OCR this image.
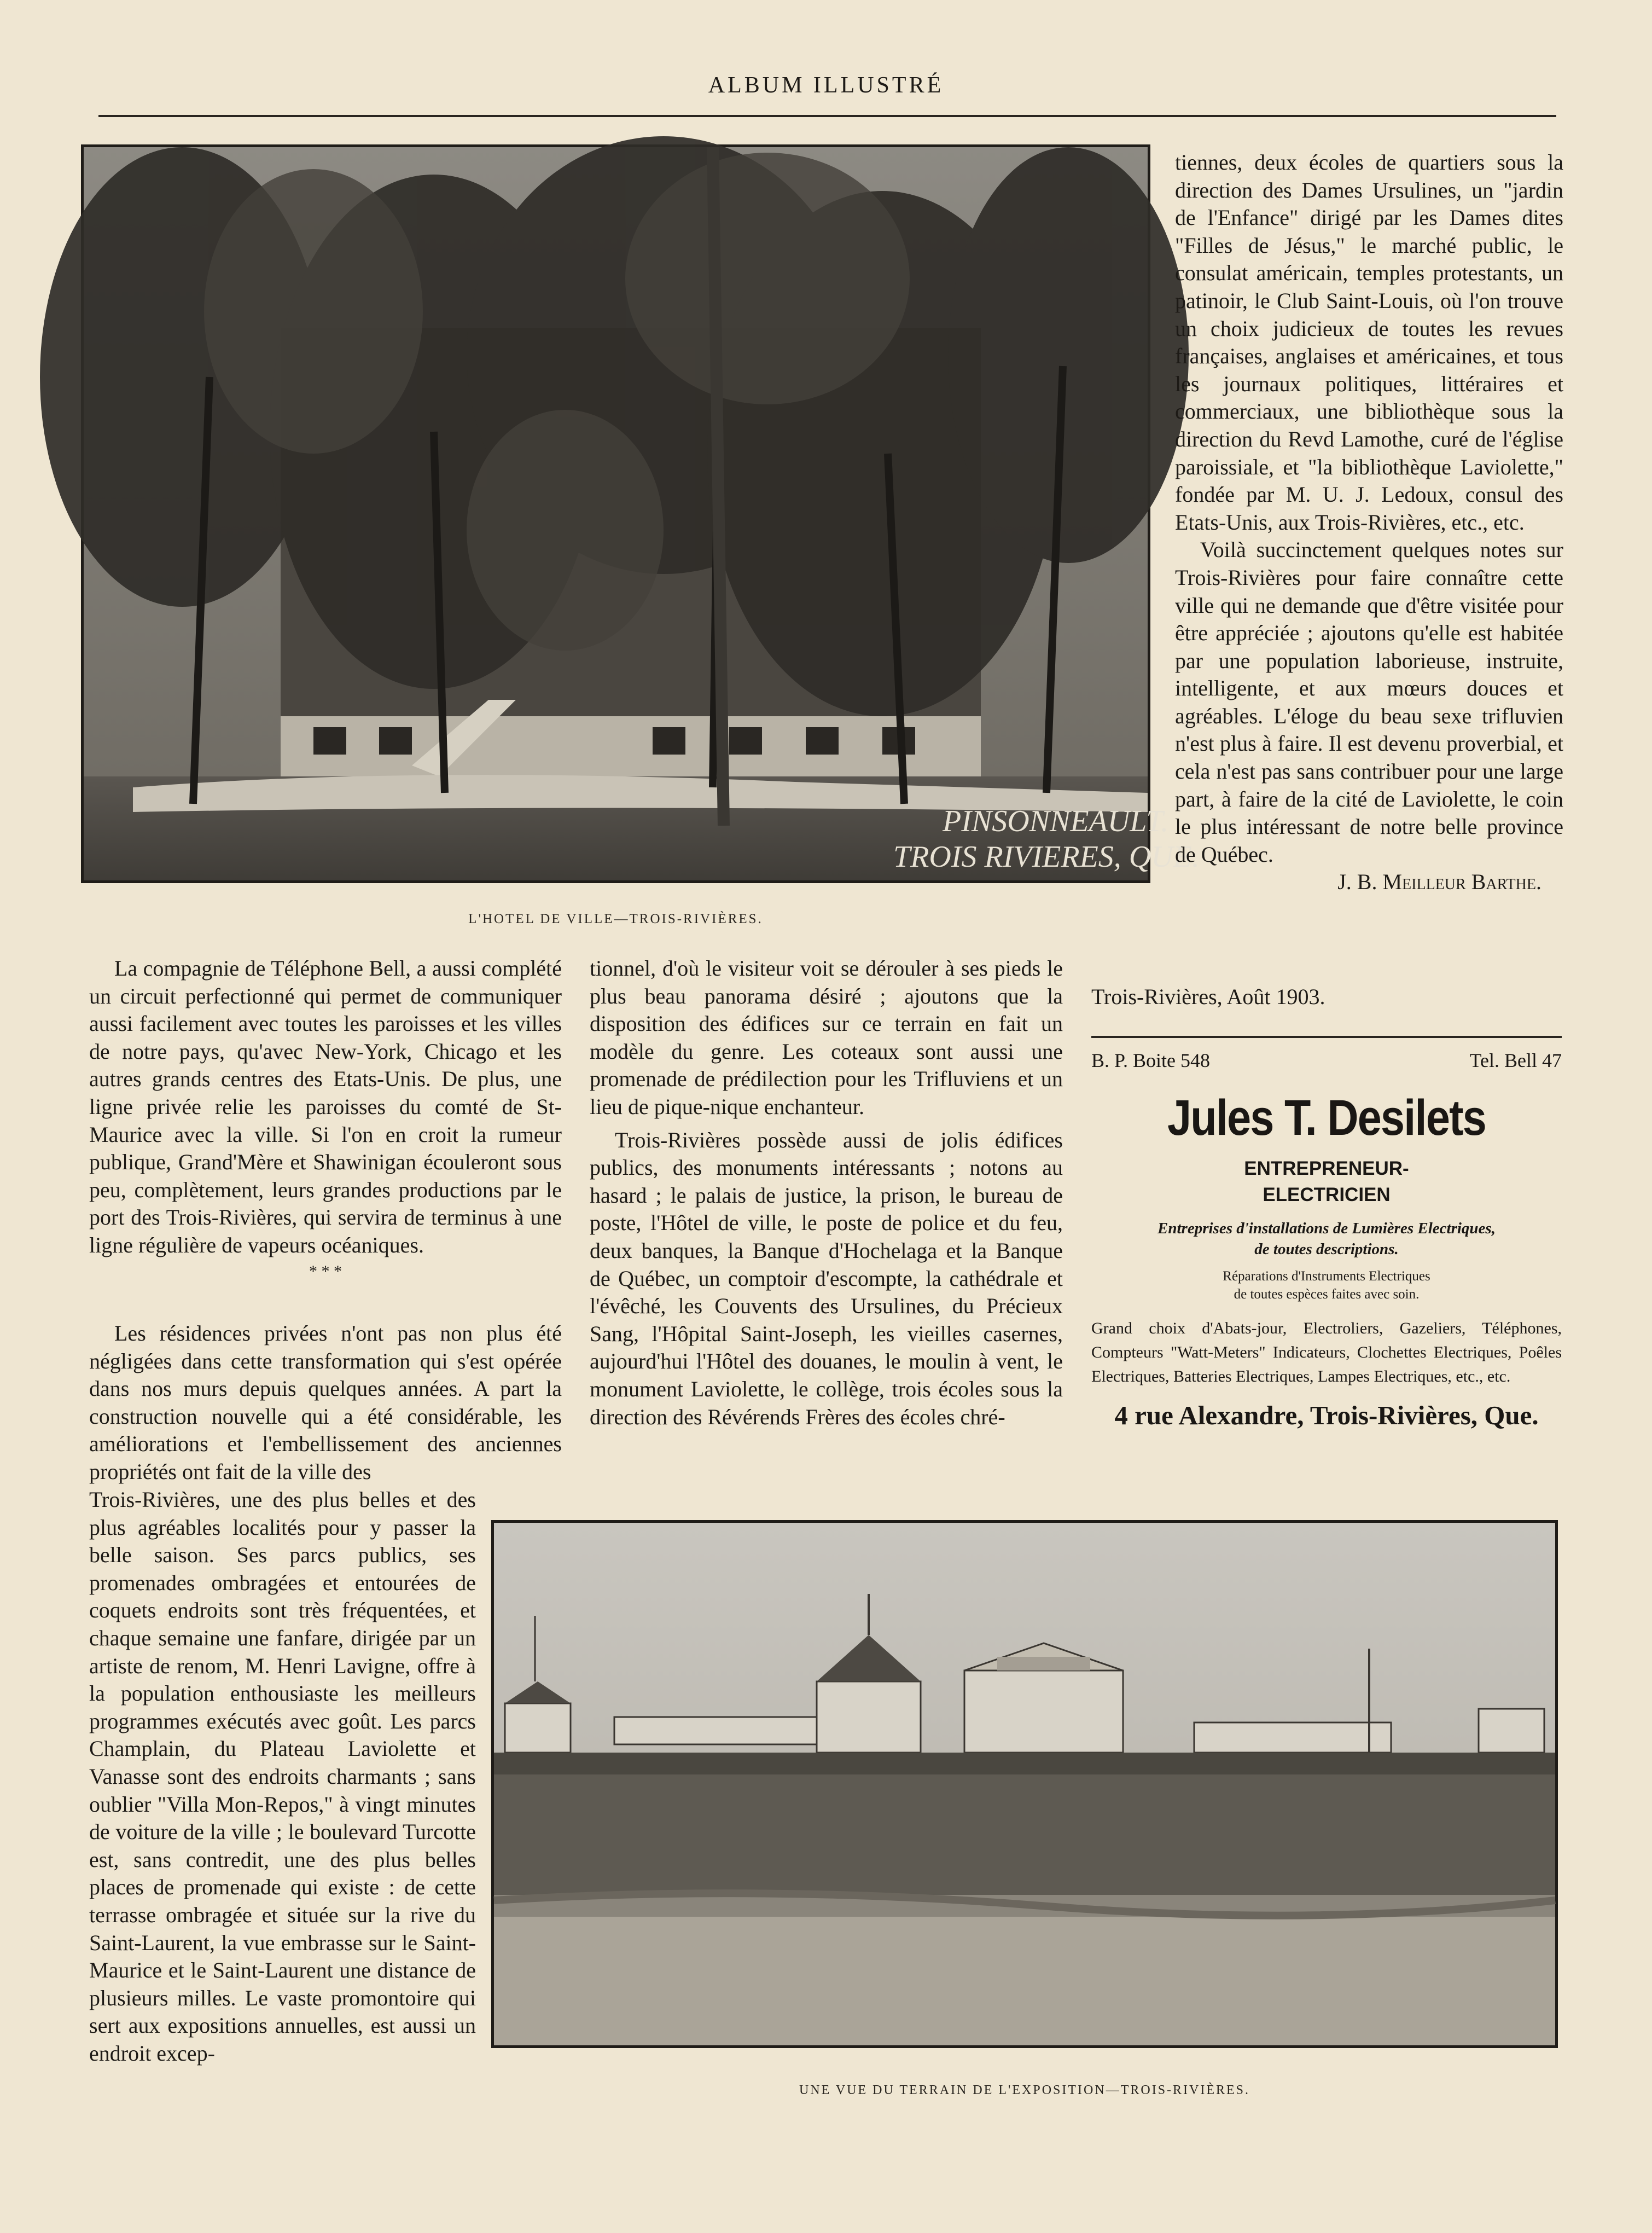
ALBUM ILLUSTRÉ
PINSONNEAULT.
TROIS RIVIERES, QUE.
L'HOTEL DE VILLE—TROIS-RIVIÈRES.

La compagnie de Téléphone Bell, a aussi complété un circuit perfectionné qui permet de communiquer aussi facilement avec toutes les paroisses et les villes de notre pays, qu'avec New-York, Chicago et les autres grands centres des Etats-Unis. De plus, une ligne privée relie les paroisses du comté de St-Maurice avec la ville. Si l'on en croit la rumeur publique, Grand'Mère et Shawinigan écouleront sous peu, complètement, leurs grandes productions par le port des Trois-Rivières, qui servira de terminus à une ligne régulière de vapeurs océaniques.

* * *

Les résidences privées n'ont pas non plus été négligées dans cette transformation qui s'est opérée dans nos murs depuis quelques années. A part la construction nouvelle qui a été considérable, les améliorations et l'embellissement des anciennes propriétés ont fait de la ville des

Trois-Rivières, une des plus belles et des plus agréables localités pour y passer la belle saison. Ses parcs publics, ses promenades ombragées et entourées de coquets endroits sont très fréquentées, et chaque semaine une fanfare, dirigée par un artiste de renom, M. Henri Lavigne, offre à la population enthousiaste les meilleurs programmes exécutés avec goût. Les parcs Champlain, du Plateau Laviolette et Vanasse sont des endroits charmants ; sans oublier "Villa Mon-Repos," à vingt minutes de voiture de la ville ; le boulevard Turcotte est, sans contredit, une des plus belles places de promenade qui existe : de cette terrasse ombragée et située sur la rive du Saint-Laurent, la vue embrasse sur le Saint-Maurice et le Saint-Laurent une distance de plusieurs milles. Le vaste promontoire qui sert aux expositions annuelles, est aussi un endroit excep-

tionnel, d'où le visiteur voit se dérouler à ses pieds le plus beau panorama désiré ; ajoutons que la disposition des édifices sur ce terrain en fait un modèle du genre. Les coteaux sont aussi une promenade de prédilection pour les Trifluviens et un lieu de pique-nique enchanteur.

Trois-Rivières possède aussi de jolis édifices publics, des monuments intéressants ; notons au hasard ; le palais de justice, la prison, le bureau de poste, l'Hôtel de ville, le poste de police et du feu, deux banques, la Banque d'Hochelaga et la Banque de Québec, un comptoir d'escompte, la cathédrale et l'évêché, les Couvents des Ursulines, du Précieux Sang, l'Hôpital Saint-Joseph, les vieilles casernes, aujourd'hui l'Hôtel des douanes, le moulin à vent, le monument Laviolette, le collège, trois écoles sous la direction des Révérends Frères des écoles chré-

tiennes, deux écoles de quartiers sous la direction des Dames Ursulines, un "jardin de l'Enfance" dirigé par les Dames dites "Filles de Jésus," le marché public, le consulat américain, temples protestants, un patinoir, le Club Saint-Louis, où l'on trouve un choix judicieux de toutes les revues françaises, anglaises et américaines, et tous les journaux politiques, littéraires et commerciaux, une bibliothèque sous la direction du Revd Lamothe, curé de l'église paroissiale, et "la bibliothèque Laviolette," fondée par M. U. J. Ledoux, consul des Etats-Unis, aux Trois-Rivières, etc., etc.

Voilà succinctement quelques notes sur Trois-Rivières pour faire connaître cette ville qui ne demande que d'être visitée pour être appréciée ; ajoutons qu'elle est habitée par une population laborieuse, instruite, intelligente, et aux mœurs douces et agréables. L'éloge du beau sexe trifluvien n'est plus à faire. Il est devenu proverbial, et cela n'est pas sans contribuer pour une large part, à faire de la cité de Laviolette, le coin le plus intéressant de notre belle province de Québec.

J. B. Meilleur Barthe.
Trois-Rivières, Août 1903.
B. P. Boite 548	Tel. Bell 47
Jules T. Desilets
ENTREPRENEUR-
ELECTRICIEN
Entreprises d'installations de Lumières Electriques,
de toutes descriptions.
Réparations d'Instruments Electriques
de toutes espèces faites avec soin.
Grand choix d'Abats-jour, Electroliers, Gazeliers, Téléphones, Compteurs "Watt-Meters" Indicateurs, Clochettes Electriques, Poêles Electriques, Batteries Electriques, Lampes Electriques, etc., etc.
4 rue Alexandre, Trois-Rivières, Que.
UNE VUE DU TERRAIN DE L'EXPOSITION—TROIS-RIVIÈRES.
